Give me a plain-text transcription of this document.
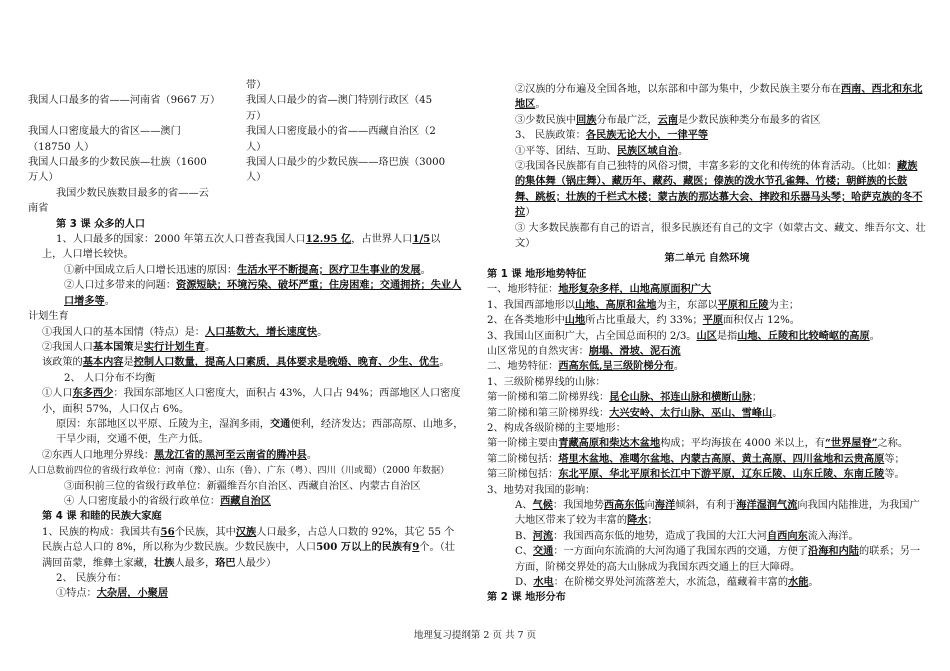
带）

我国人口最多的省——河南省（9667 万）	我国人口最少的省—澳门特别行政区（45

万）

我国人口密度最大的省区——澳门	我国人口密度最小的省——西藏自治区（2

（18750 人）	人）

我国人口最多的少数民族—壮族（1600	我国人口最少的少数民族——珞巴族（3000

万人）	人）

我国少数民族数目最多的省——云

南省

第 3 课 众多的人口

1、人口最多的国家：2000 年第五次人口普查我国人口12.95 亿，占世界人口1/5以

上，人口增长较快。

①新中国成立后人口增长迅速的原因：生活水平不断提高；医疗卫生事业的发展。

②人口过多带来的问题：资源短缺；环境污染、破坏严重；住房困难；交通拥挤；失业人口增多等。

计划生育

①我国人口的基本国情（特点）是：人口基数大，增长速度快。

②我国人口基本国策是实行计划生育。

该政策的基本内容是控制人口数量，提高人口素质，具体要求是晚婚、晚育、少生、优生。

2、 人口分布不均衡

①人口东多西少：我国东部地区人口密度大，面积占 43%，人口占 94%；西部地区人口密度小，面积 57%，人口仅占 6%。

原因：东部地区以平原、丘陵为主，湿润多雨，交通便利，经济发达；西部高原、山地多，干旱少雨，交通不便，生产力低。

②东西人口地理分界线：黑龙江省的黑河至云南省的腾冲县。

人口总数前四位的省级行政单位：河南（豫）、山东（鲁）、广东（粤）、四川（川或蜀）（2000 年数据）

③面积前三位的省级行政单位：新疆维吾尔自治区、西藏自治区、内蒙古自治区

④ 人口密度最小的省级行政单位：西藏自治区

第 4 课 和睦的民族大家庭

1、民族的构成：我国共有56个民族，其中汉族人口最多，占总人口数的 92%，其它 55 个民族占总人口的 8%，所以称为少数民族。少数民族中，人口500 万以上的民族有9个。（壮满回苗蒙，维彝土家藏，壮族人最多，珞巴人最少）

2、 民族分布：

①特点：大杂居，小聚居

②汉族的分布遍及全国各地，以东部和中部为集中，少数民族主要分布在西南、西北和东北地区。

③少数民族中回族分布最广泛，云南是少数民族种类分布最多的省区

3、 民族政策：各民族无论大小，一律平等

①平等、团结、互助、民族区域自治。

②我国各民族都有自己独特的风俗习惯，丰富多彩的文化和传统的体育活动。（比如：藏族的集体舞（锅庄舞）、藏历年、藏药、藏医；傣族的泼水节孔雀舞、竹楼；朝鲜族的长鼓舞、跳板；壮族的千栏式木楼；蒙古族的那达慕大会、摔跤和乐器马头琴；哈萨克族的冬不拉）

③ 大多数民族都有自己的语言，很多民族还有自己的文字（如蒙古文、藏文、维吾尔文、壮文）

第二单元 自然环境

第 1 课 地形地势特征

一、地形特征：地形复杂多样，山地高原面积广大

1、我国西部地形以山地、高原和盆地为主，东部以平原和丘陵为主；

2、在各类地形中山地所占比重最大，约 33%；平原面积仅占 12%。

3、我国山区面积广大，占全国总面积的 2/3。山区是指山地、丘陵和比较崎岖的高原。

山区常见的自然灾害：崩塌、滑坡、泥石流

二、地势特征：西高东低,呈三级阶梯分布。

1、三级阶梯界线的山脉：

第一阶梯和第二阶梯界线：昆仑山脉、祁连山脉和横断山脉；

第二阶梯和第三阶梯界线：大兴安岭、太行山脉、巫山、雪峰山。

2、构成各级阶梯的主要地形：

第一阶梯主要由青藏高原和柴达木盆地构成；平均海拔在 4000 米以上，有“世界屋脊”之称。

第二阶梯包括：塔里木盆地、准噶尔盆地、内蒙古高原、黄土高原、四川盆地和云贵高原等；

第三阶梯包括：东北平原、华北平原和长江中下游平原，辽东丘陵、山东丘陵、东南丘陵等。

3、地势对我国的影响：

A、气候：我国地势西高东低向海洋倾斜，有利于海洋湿润气流向我国内陆推进，为我国广大地区带来了较为丰富的降水；

B、河流：我国西高东低的地势，造成了我国的大江大河自西向东流入海洋。

C、交通：一方面向东流淌的大河沟通了我国东西的交通，方便了沿海和内陆的联系；另一方面，阶梯交界处的高大山脉成为我国东西交通上的巨大障碍。

D、水电：在阶梯交界处河流落差大，水流急，蕴藏着丰富的水能。

第 2 课 地形分布

地理复习提纲第 2 页 共 7 页
